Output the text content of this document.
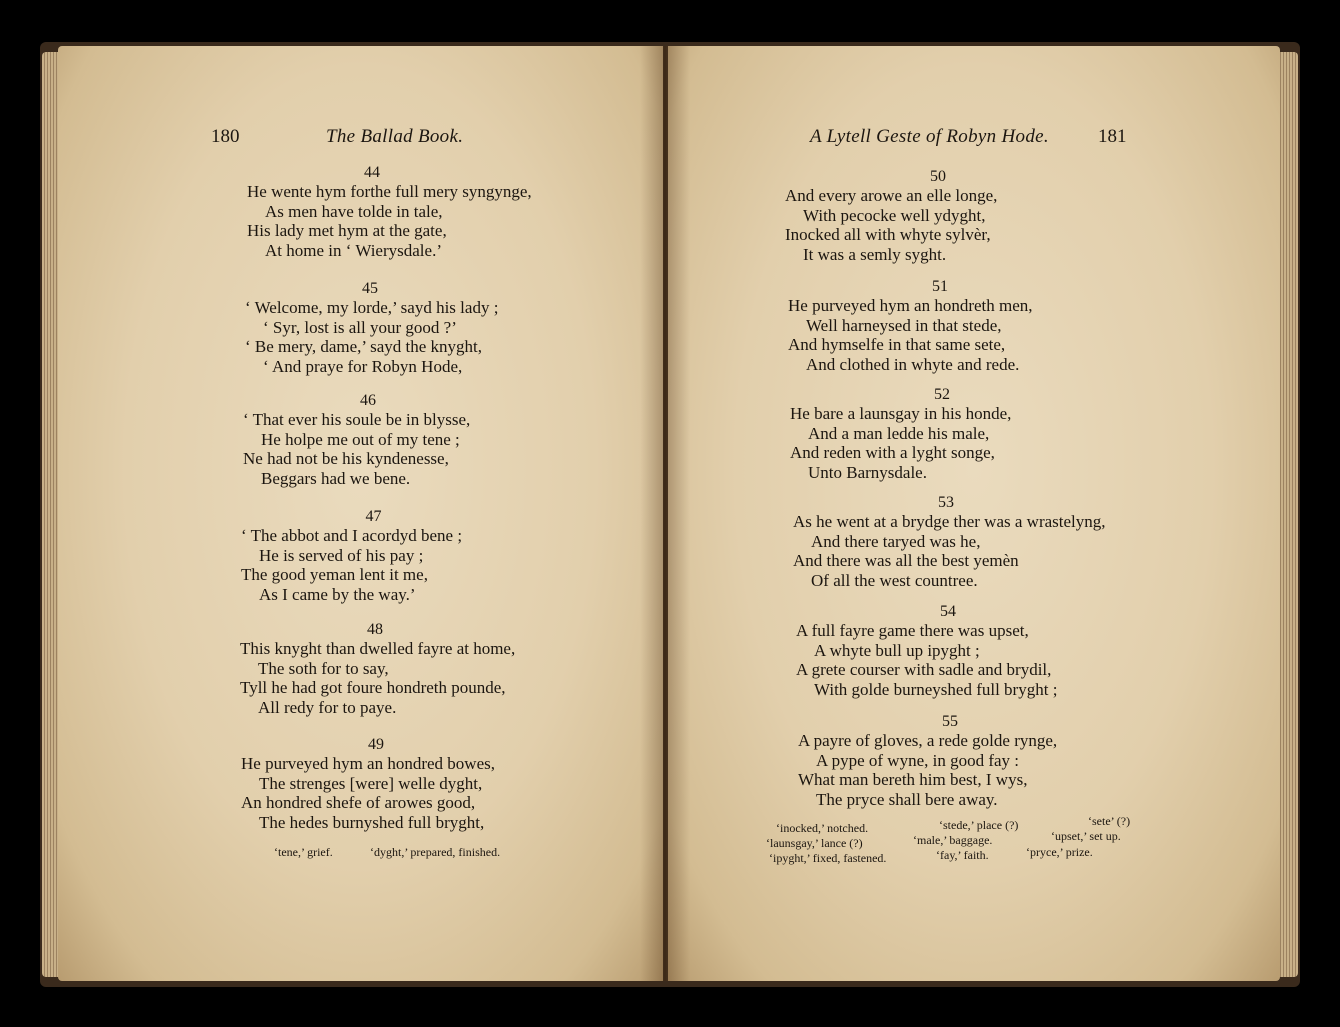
180	The Ballad Book.
44
He wente hym forthe full mery syngynge,
As men have tolde in tale,
His lady met hym at the gate,
At home in ‘ Wierysdale.’
45
‘ Welcome, my lorde,’ sayd his lady ;
‘ Syr, lost is all your good ?’
‘ Be mery, dame,’ sayd the knyght,
‘ And praye for Robyn Hode,
46
‘ That ever his soule be in blysse,
He holpe me out of my tene ;
Ne had not be his kyndenesse,
Beggars had we bene.
47
‘ The abbot and I acordyd bene ;
He is served of his pay ;
The good yeman lent it me,
As I came by the way.’
48
This knyght than dwelled fayre at home,
The soth for to say,
Tyll he had got foure hondreth pounde,
All redy for to paye.
49
He purveyed hym an hondred bowes,
The strenges [were] welle dyght,
An hondred shefe of arowes good,
The hedes burnyshed full bryght,
‘tene,’ grief.	‘dyght,’ prepared, finished.
A Lytell Geste of Robyn Hode.	181
50
And every arowe an elle longe,
With pecocke well ydyght,
Inocked all with whyte sylvèr,
It was a semly syght.
51
He purveyed hym an hondreth men,
Well harneysed in that stede,
And hymselfe in that same sete,
And clothed in whyte and rede.
52
He bare a launsgay in his honde,
And a man ledde his male,
And reden with a lyght songe,
Unto Barnysdale.
53
As he went at a brydge ther was a wrastelyng,
And there taryed was he,
And there was all the best yemèn
Of all the west countree.
54
A full fayre game there was upset,
A whyte bull up ipyght ;
A grete courser with sadle and brydil,
With golde burneyshed full bryght ;
55
A payre of gloves, a rede golde rynge,
A pype of wyne, in good fay :
What man bereth him best, I wys,
The pryce shall bere away.
‘inocked,’ notched.	‘stede,’ place (?)	‘sete’ (?)
‘launsgay,’ lance (?)	‘male,’ baggage.	‘upset,’ set up.
‘ipyght,’ fixed, fastened.	‘fay,’ faith.	‘pryce,’ prize.
